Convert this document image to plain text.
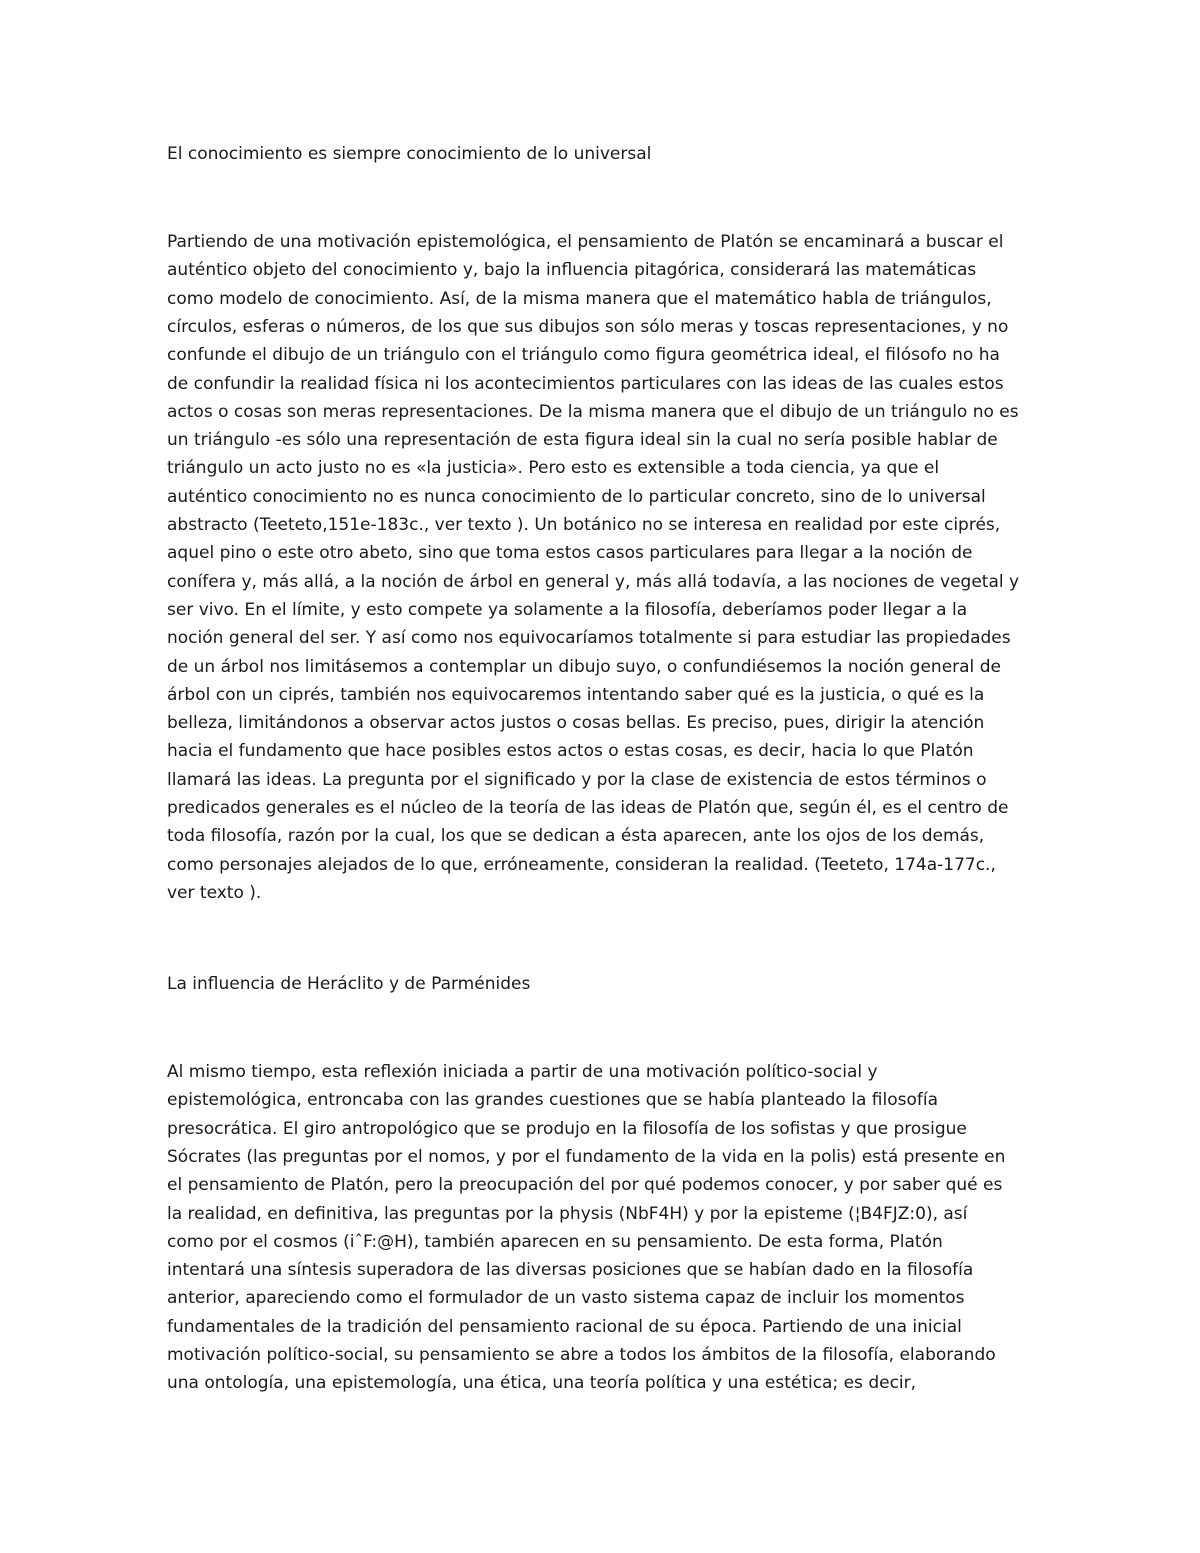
El conocimiento es siempre conocimiento de lo universal
Partiendo de una motivación epistemológica, el pensamiento de Platón se encaminará a buscar el
auténtico objeto del conocimiento y, bajo la influencia pitagórica, considerará las matemáticas
como modelo de conocimiento. Así, de la misma manera que el matemático habla de triángulos,
círculos, esferas o números, de los que sus dibujos son sólo meras y toscas representaciones, y no
confunde el dibujo de un triángulo con el triángulo como figura geométrica ideal, el filósofo no ha
de confundir la realidad física ni los acontecimientos particulares con las ideas de las cuales estos
actos o cosas son meras representaciones. De la misma manera que el dibujo de un triángulo no es
un triángulo -es sólo una representación de esta figura ideal sin la cual no sería posible hablar de
triángulo un acto justo no es «la justicia». Pero esto es extensible a toda ciencia, ya que el
auténtico conocimiento no es nunca conocimiento de lo particular concreto, sino de lo universal
abstracto (Teeteto,151e-183c., ver texto ). Un botánico no se interesa en realidad por este ciprés,
aquel pino o este otro abeto, sino que toma estos casos particulares para llegar a la noción de
conífera y, más allá, a la noción de árbol en general y, más allá todavía, a las nociones de vegetal y
ser vivo. En el límite, y esto compete ya solamente a la filosofía, deberíamos poder llegar a la
noción general del ser. Y así como nos equivocaríamos totalmente si para estudiar las propiedades
de un árbol nos limitásemos a contemplar un dibujo suyo, o confundiésemos la noción general de
árbol con un ciprés, también nos equivocaremos intentando saber qué es la justicia, o qué es la
belleza, limitándonos a observar actos justos o cosas bellas. Es preciso, pues, dirigir la atención
hacia el fundamento que hace posibles estos actos o estas cosas, es decir, hacia lo que Platón
llamará las ideas. La pregunta por el significado y por la clase de existencia de estos términos o
predicados generales es el núcleo de la teoría de las ideas de Platón que, según él, es el centro de
toda filosofía, razón por la cual, los que se dedican a ésta aparecen, ante los ojos de los demás,
como personajes alejados de lo que, erróneamente, consideran la realidad. (Teeteto, 174a-177c.,
ver texto ).
La influencia de Heráclito y de Parménides
Al mismo tiempo, esta reflexión iniciada a partir de una motivación político-social y
epistemológica, entroncaba con las grandes cuestiones que se había planteado la filosofía
presocrática. El giro antropológico que se produjo en la filosofía de los sofistas y que prosigue
Sócrates (las preguntas por el nomos, y por el fundamento de la vida en la polis) está presente en
el pensamiento de Platón, pero la preocupación del por qué podemos conocer, y por saber qué es
la realidad, en definitiva, las preguntas por la physis (NbF4H) y por la episteme (¦B4FJZ:0), así
como por el cosmos (iˆF:@H), también aparecen en su pensamiento. De esta forma, Platón
intentará una síntesis superadora de las diversas posiciones que se habían dado en la filosofía
anterior, apareciendo como el formulador de un vasto sistema capaz de incluir los momentos
fundamentales de la tradición del pensamiento racional de su época. Partiendo de una inicial
motivación político-social, su pensamiento se abre a todos los ámbitos de la filosofía, elaborando
una ontología, una epistemología, una ética, una teoría política y una estética; es decir,
